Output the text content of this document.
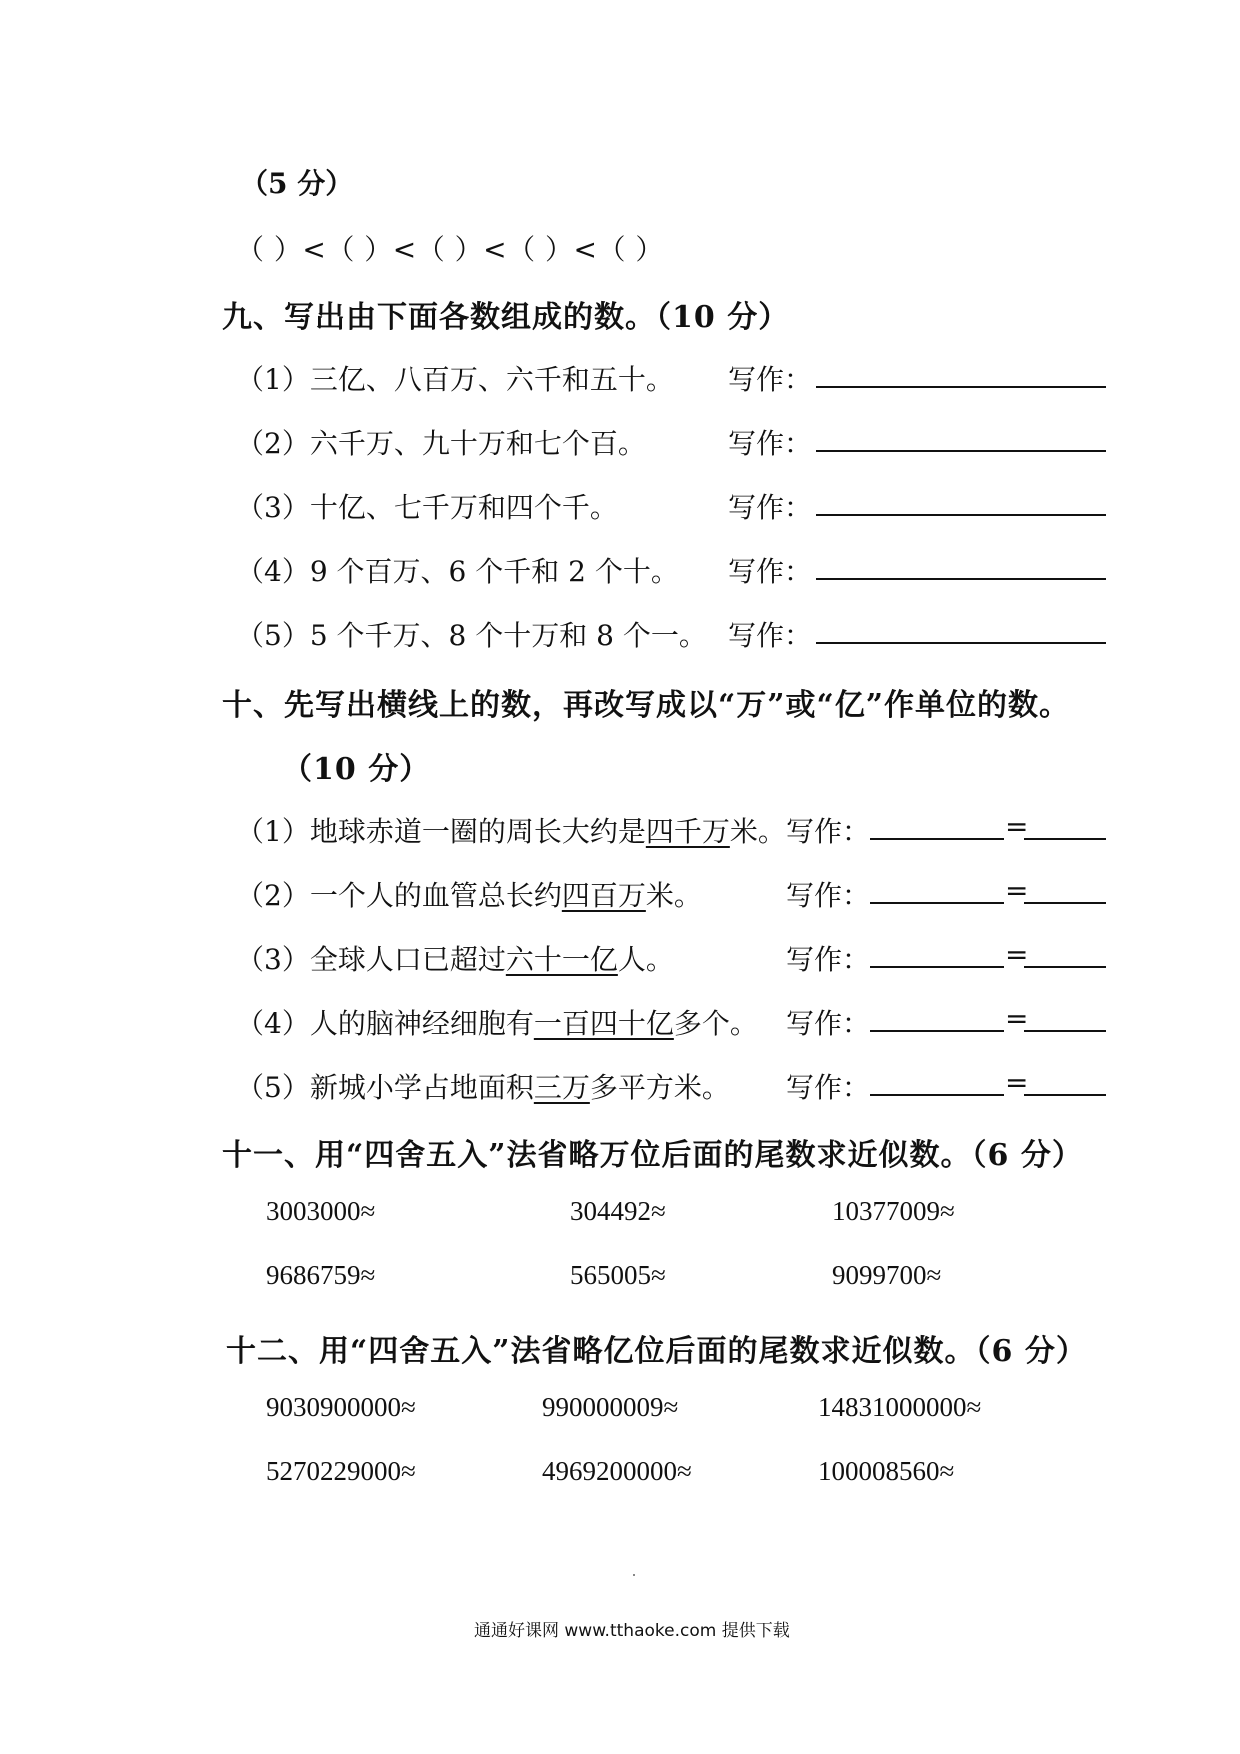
（5 分）
（ ）<（ ）<（ ）<（ ）<（ ）
九、写出由下面各数组成的数。（10 分）
（1）三亿、八百万、六千和五十。 写作：
（2）六千万、九十万和七个百。	写作：
（3）十亿、七千万和四个千。	写作：
（4）9 个百万、6 个千和 2 个十。 写作：
（5）5 个千万、8 个十万和 8 个一。 写作：
十、先写出横线上的数，再改写成以“万”或“亿”作单位的数。
（10 分）
（1）地球赤道一圈的周长大约是四千万米。 写作：	=
（2）一个人的血管总长约四百万米。	写作：	=
（3）全球人口已超过六十一亿人。	写作：	=
（4）人的脑神经细胞有一百四十亿多个。 写作：	=
（5）新城小学占地面积三万多平方米。 写作：	=
十一、用“四舍五入”法省略万位后面的尾数求近似数。（6 分）
3003000≈	304492≈	10377009≈
9686759≈	565005≈	9099700≈
十二、用“四舍五入”法省略亿位后面的尾数求近似数。（6 分）
9030900000≈	990000009≈	14831000000≈
5270229000≈	4969200000≈	100008560≈
通通好课网 www.tthaoke.com 提供下载
